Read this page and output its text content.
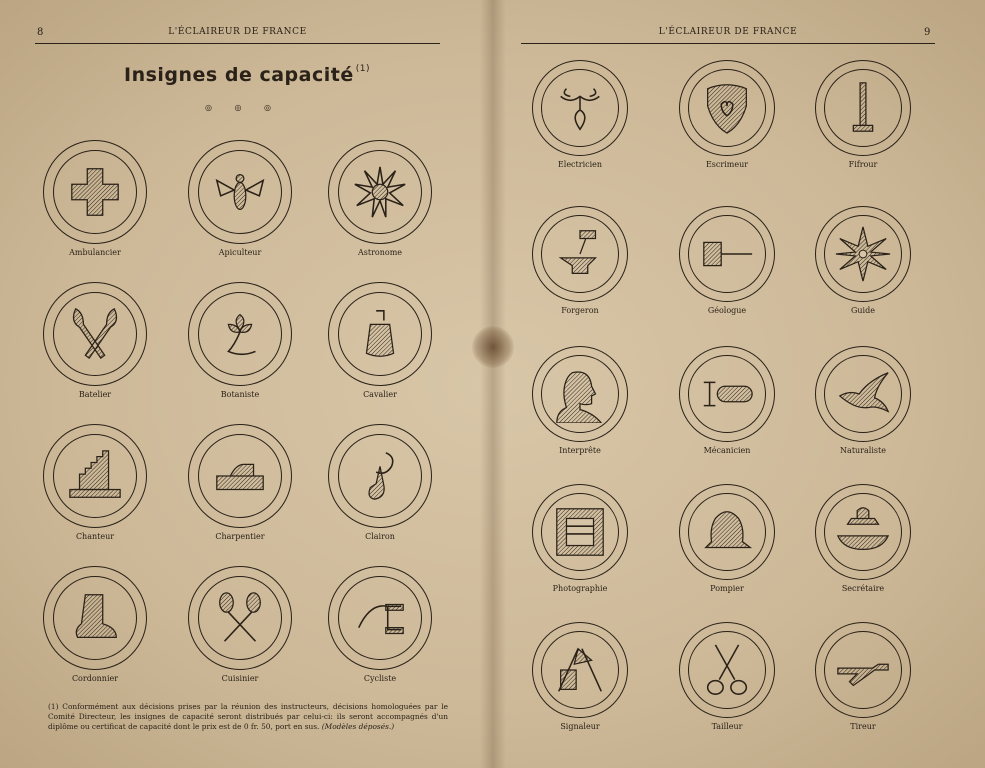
8	L'ÉCLAIREUR DE FRANCE
Insignes de capacité $^{(1)}$
◎ ◎ ◎
Ambulancier	Apiculteur	Astronome
Batelier	Botaniste	Cavalier
Chanteur	Charpentier	Clairon
Cordonnier	Cuisinier	Cycliste
(1) Conformément aux décisions prises par la réunion des instructeurs, décisions homologuées par le Comité Directeur, les insignes de capacité seront distribués par celui-ci: ils seront accompagnés d'un diplôme ou certificat de capacité dont le prix est de 0 fr. 50, port en sus. (Modèles déposés.)
L'ÉCLAIREUR DE FRANCE	9
Electricien	Escrimeur	Fifrour
Forgeron	Géologue	Guide
Interprête	Mécanicien	Naturaliste
Photographie	Pompier	Secrétaire
Signaleur	Tailleur	Tireur
